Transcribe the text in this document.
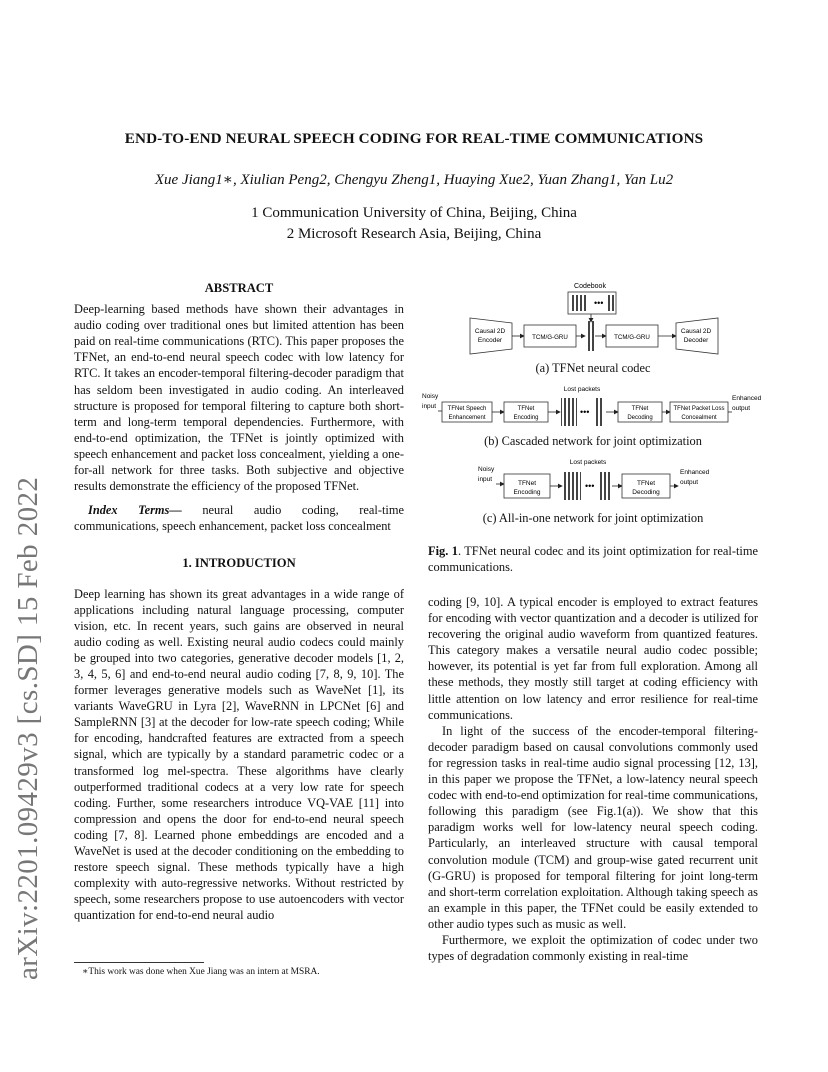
arXiv:2201.09429v3 [cs.SD] 15 Feb 2022
END-TO-END NEURAL SPEECH CODING FOR REAL-TIME COMMUNICATIONS
Xue Jiang1∗, Xiulian Peng2, Chengyu Zheng1, Huaying Xue2, Yuan Zhang1, Yan Lu2
1 Communication University of China, Beijing, China
2 Microsoft Research Asia, Beijing, China
ABSTRACT

Deep-learning based methods have shown their advantages in audio coding over traditional ones but limited attention has been paid on real-time communications (RTC). This paper proposes the TFNet, an end-to-end neural speech codec with low latency for RTC. It takes an encoder-temporal filtering-decoder paradigm that has seldom been investigated in audio coding. An interleaved structure is proposed for temporal filtering to capture both short-term and long-term temporal dependencies. Furthermore, with end-to-end optimization, the TFNet is jointly optimized with speech enhancement and packet loss concealment, yielding a one-for-all network for three tasks. Both subjective and objective results demonstrate the efficiency of the proposed TFNet.

Index Terms— neural audio coding, real-time communications, speech enhancement, packet loss concealment

1. INTRODUCTION

Deep learning has shown its great advantages in a wide range of applications including natural language processing, computer vision, etc. In recent years, such gains are observed in neural audio coding as well. Existing neural audio codecs could mainly be grouped into two categories, generative decoder models [1, 2, 3, 4, 5, 6] and end-to-end neural audio coding [7, 8, 9, 10]. The former leverages generative models such as WaveNet [1], its variants WaveGRU in Lyra [2], WaveRNN in LPCNet [6] and SampleRNN [3] at the decoder for low-rate speech coding; While for encoding, handcrafted features are extracted from a speech signal, which are typically by a standard parametric codec or a transformed log mel-spectra. These algorithms have clearly outperformed traditional codecs at a very low rate for speech coding. Further, some researchers introduce VQ-VAE [11] into compression and opens the door for end-to-end neural speech coding [7, 8]. Learned phone embeddings are encoded and a WaveNet is used at the decoder conditioning on the embedding to restore speech signal. These methods typically have a high complexity with auto-regressive networks. Without restricted by speech, some researchers propose to use autoencoders with vector quantization for end-to-end neural audio

∗This work was done when Xue Jiang was an intern at MSRA.
Codebook
•••
Causal 2D
Encoder	TCM/G-GRU	TCM/G-GRU
Causal 2D
Decoder
Noisy
input TFNet Speech
Enhancement
TFNet
Encoding
Lost packets
•••	TFNet
Decoding
TFNet Packet Loss
Concealment
Enhanced
output
Noisy
input
TFNet
Encoding
Lost packets
•••	TFNet
Decoding
Enhanced
output
(a) TFNet neural codec
(b) Cascaded network for joint optimization
(c) All-in-one network for joint optimization
Fig. 1. TFNet neural codec and its joint optimization for real-time communications.

coding [9, 10]. A typical encoder is employed to extract features for encoding with vector quantization and a decoder is utilized for recovering the original audio waveform from quantized features. This category makes a versatile neural audio codec possible; however, its potential is yet far from full exploration. Among all these methods, they mostly still target at coding efficiency with little attention on low latency and error resilience for real-time communications.

In light of the success of the encoder-temporal filtering-decoder paradigm based on causal convolutions commonly used for regression tasks in real-time audio signal processing [12, 13], in this paper we propose the TFNet, a low-latency neural speech codec with end-to-end optimization for real-time communications, following this paradigm (see Fig.1(a)). We show that this paradigm works well for low-latency neural speech coding. Particularly, an interleaved structure with causal temporal convolution module (TCM) and group-wise gated recurrent unit (G-GRU) is proposed for temporal filtering for joint long-term and short-term correlation exploitation. Although taking speech as an example in this paper, the TFNet could be easily extended to other audio types such as music as well.

Furthermore, we exploit the optimization of codec under two types of degradation commonly existing in real-time
